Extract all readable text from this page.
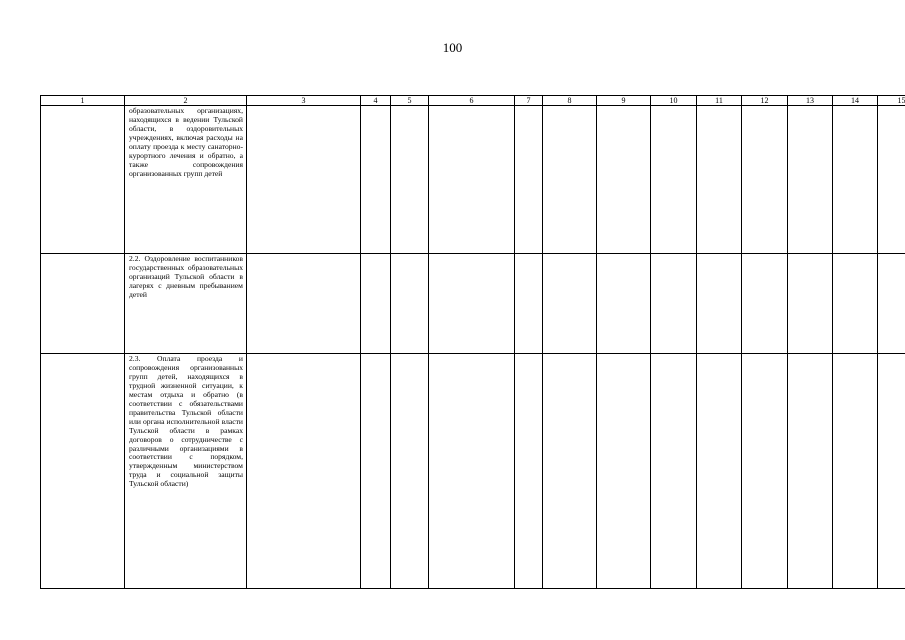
100
1	2	3	4	5	6	7	8	9	10	11	12	13	14	15

	образовательных организациях, находящихся в ведении Тульской области, в оздоровительных учреждениях, включая расходы на оплату проезда к месту санаторно-курортного лечения и обратно, а также сопровождения организованных групп детей													

	2.2. Оздоровление воспитанников государственных образовательных организаций Тульской области в лагерях с дневным пребыванием детей													

	2.3. Оплата проезда и сопровождения организованных групп детей, находящихся в трудной жизненной ситуации, к местам отдыха и обратно (в соответствии с обязательствами правительства Тульской области или органа исполнительной власти Тульской области в рамках договоров о сотрудничестве с различными организациями в соответствии с порядком, утвержденным министерством труда и социальной защиты Тульской области)													
